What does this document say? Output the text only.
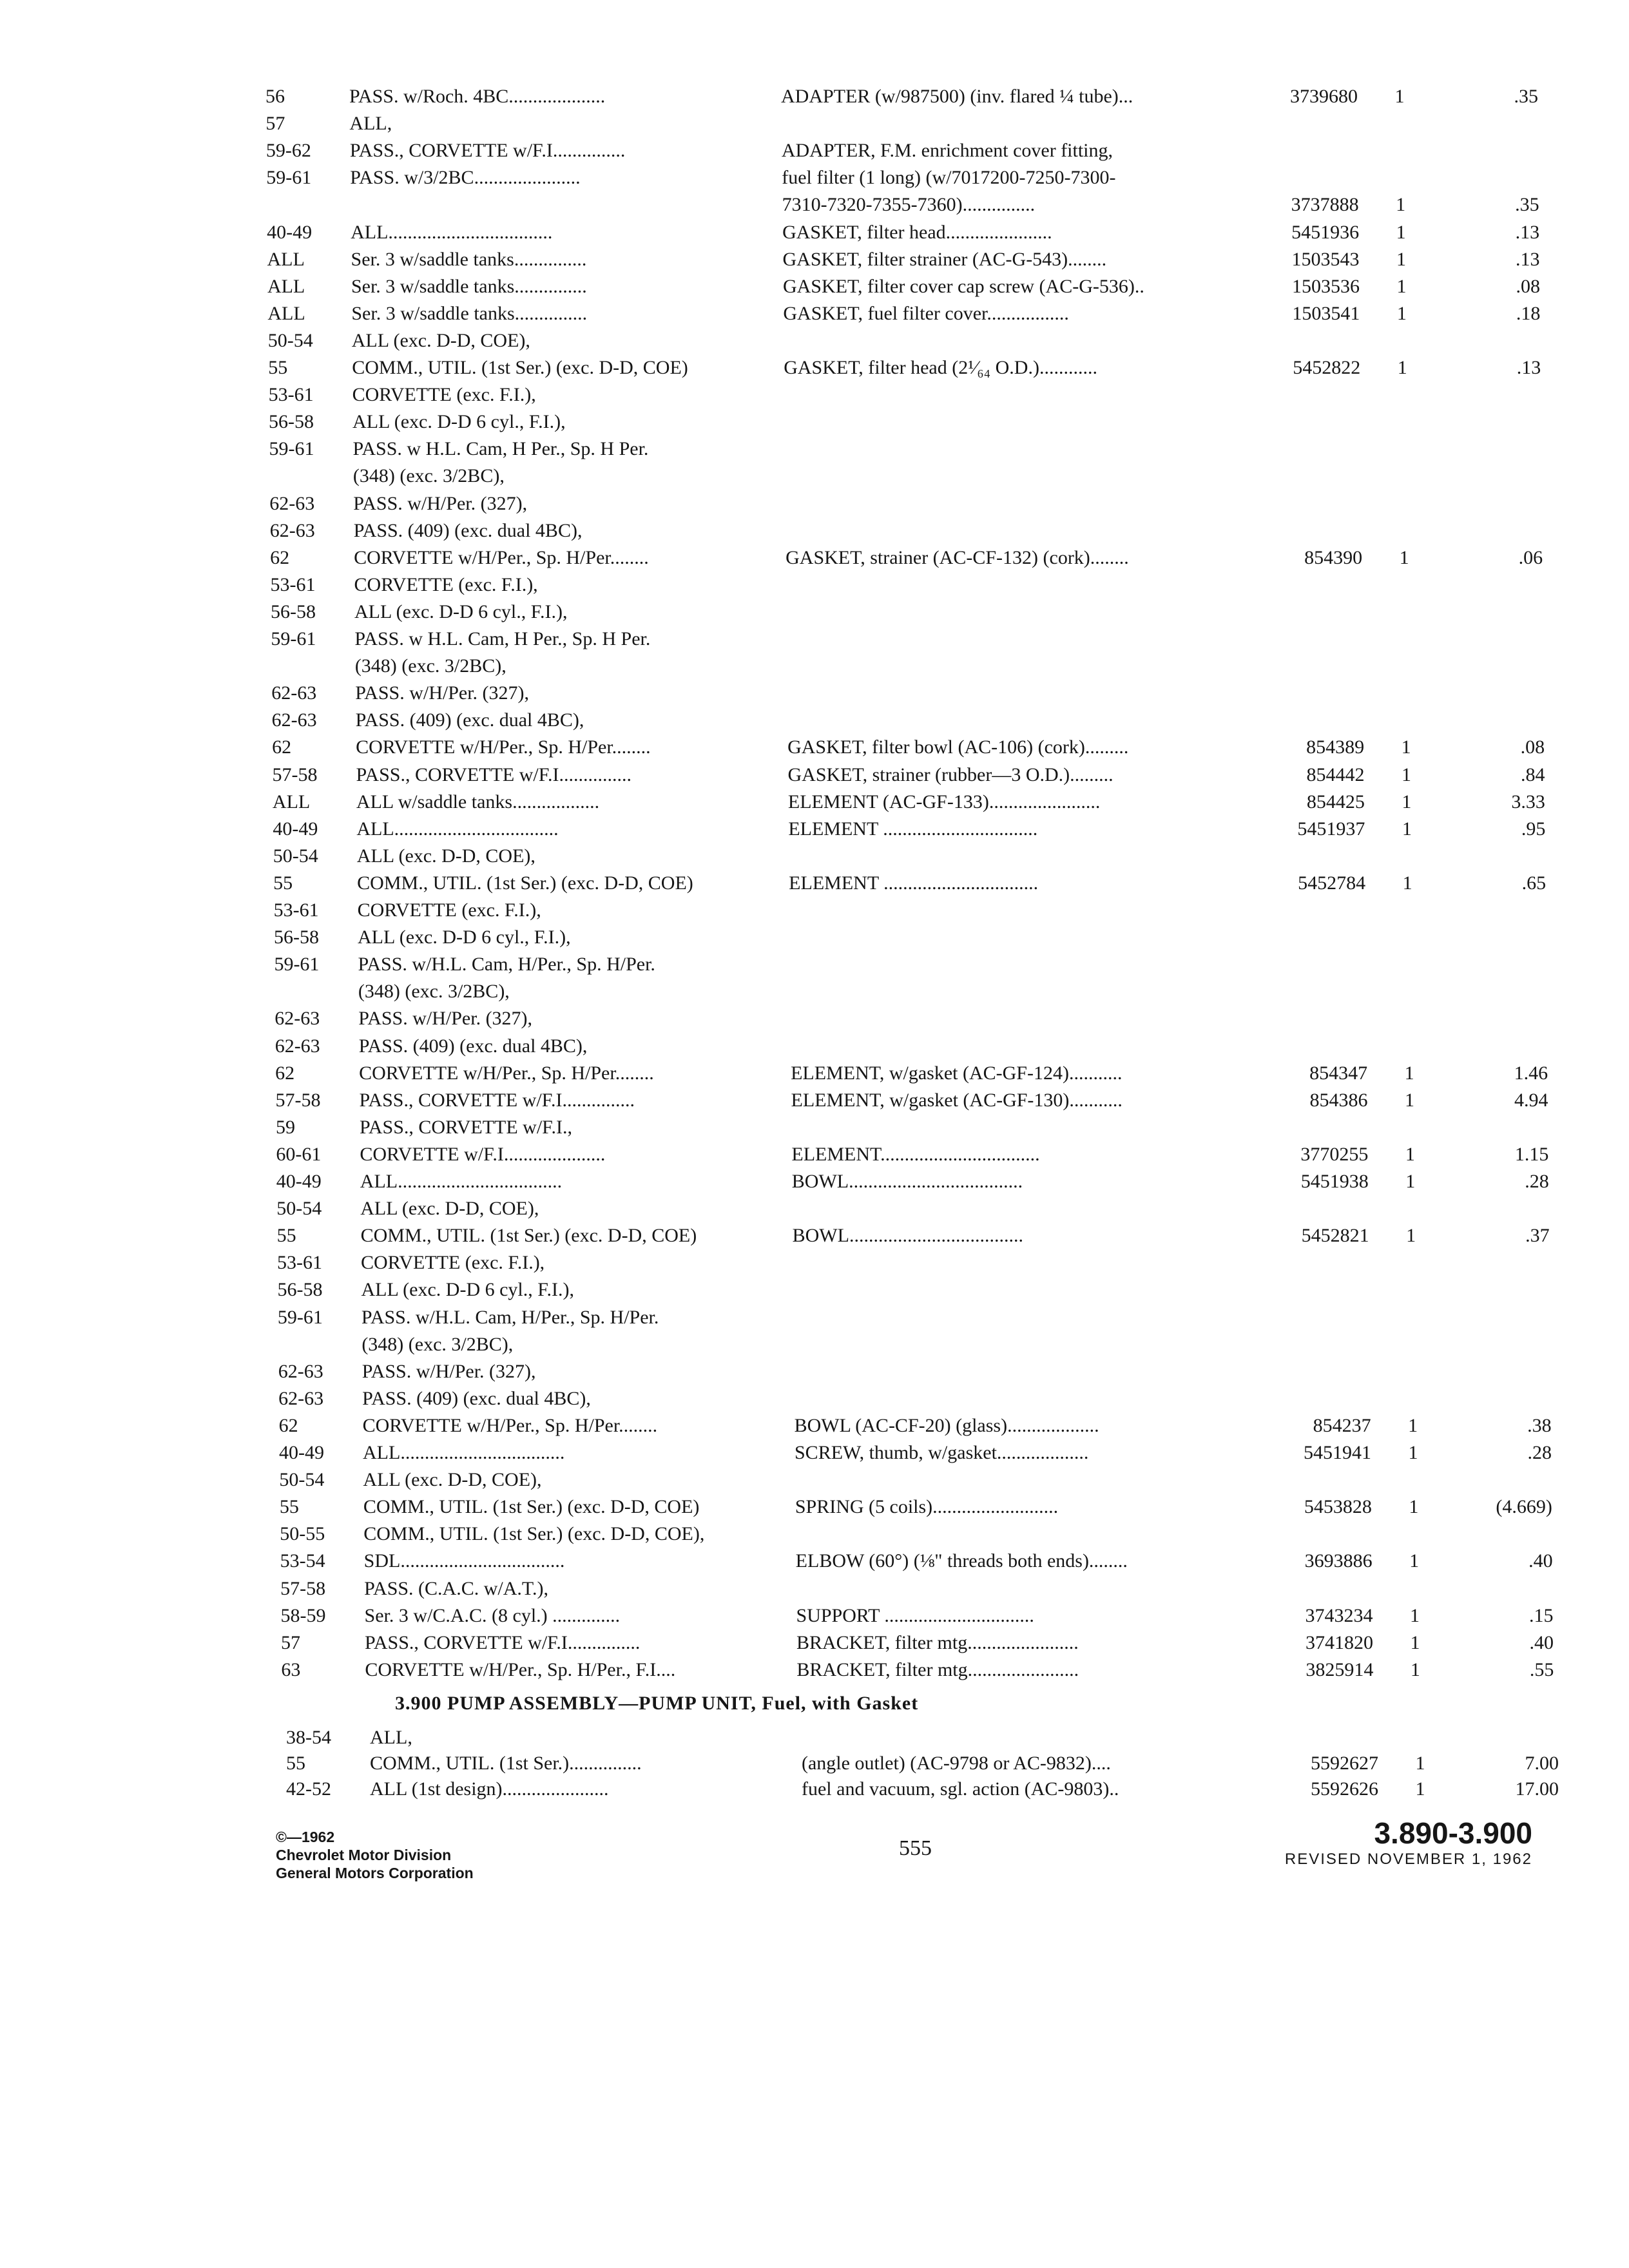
56	PASS. w/Roch. 4BC....................	ADAPTER (w/987500) (inv. flared ¼ tube)...	3739680	1	.35
57	ALL,
59-62	PASS., CORVETTE w/F.I...............	ADAPTER, F.M. enrichment cover fitting,
59-61	PASS. w/3/2BC......................	fuel filter (1 long) (w/7017200-7250-7300-
7310-7320-7355-7360)...............	3737888	1	.35
40-49	ALL..................................	GASKET, filter head......................	5451936	1	.13
ALL	Ser. 3 w/saddle tanks...............	GASKET, filter strainer (AC-G-543)........	1503543	1	.13
ALL	Ser. 3 w/saddle tanks...............	GASKET, filter cover cap screw (AC-G-536)..	1503536	1	.08
ALL	Ser. 3 w/saddle tanks...............	GASKET, fuel filter cover.................	1503541	1	.18
50-54	ALL (exc. D-D, COE),
55	COMM., UTIL. (1st Ser.) (exc. D-D, COE)	GASKET, filter head (2¹⁄₆₄ O.D.)............	5452822	1	.13
53-61	CORVETTE (exc. F.I.),
56-58	ALL (exc. D-D 6 cyl., F.I.),
59-61	PASS. w H.L. Cam, H Per., Sp. H Per.
(348) (exc. 3/2BC),
62-63	PASS. w/H/Per. (327),
62-63	PASS. (409) (exc. dual 4BC),
62	CORVETTE w/H/Per., Sp. H/Per........	GASKET, strainer (AC-CF-132) (cork)........	854390	1	.06
53-61	CORVETTE (exc. F.I.),
56-58	ALL (exc. D-D 6 cyl., F.I.),
59-61	PASS. w H.L. Cam, H Per., Sp. H Per.
(348) (exc. 3/2BC),
62-63	PASS. w/H/Per. (327),
62-63	PASS. (409) (exc. dual 4BC),
62	CORVETTE w/H/Per., Sp. H/Per........	GASKET, filter bowl (AC-106) (cork).........	854389	1	.08
57-58	PASS., CORVETTE w/F.I...............	GASKET, strainer (rubber—3 O.D.).........	854442	1	.84
ALL	ALL w/saddle tanks..................	ELEMENT (AC-GF-133).......................	854425	1	3.33
40-49	ALL..................................	ELEMENT ................................	5451937	1	.95
50-54	ALL (exc. D-D, COE),
55	COMM., UTIL. (1st Ser.) (exc. D-D, COE)	ELEMENT ................................	5452784	1	.65
53-61	CORVETTE (exc. F.I.),
56-58	ALL (exc. D-D 6 cyl., F.I.),
59-61	PASS. w/H.L. Cam, H/Per., Sp. H/Per.
(348) (exc. 3/2BC),
62-63	PASS. w/H/Per. (327),
62-63	PASS. (409) (exc. dual 4BC),
62	CORVETTE w/H/Per., Sp. H/Per........	ELEMENT, w/gasket (AC-GF-124)...........	854347	1	1.46
57-58	PASS., CORVETTE w/F.I...............	ELEMENT, w/gasket (AC-GF-130)...........	854386	1	4.94
59	PASS., CORVETTE w/F.I.,
60-61	CORVETTE w/F.I.....................	ELEMENT.................................	3770255	1	1.15
40-49	ALL..................................	BOWL....................................	5451938	1	.28
50-54	ALL (exc. D-D, COE),
55	COMM., UTIL. (1st Ser.) (exc. D-D, COE)	BOWL....................................	5452821	1	.37
53-61	CORVETTE (exc. F.I.),
56-58	ALL (exc. D-D 6 cyl., F.I.),
59-61	PASS. w/H.L. Cam, H/Per., Sp. H/Per.
(348) (exc. 3/2BC),
62-63	PASS. w/H/Per. (327),
62-63	PASS. (409) (exc. dual 4BC),
62	CORVETTE w/H/Per., Sp. H/Per........	BOWL (AC-CF-20) (glass)...................	854237	1	.38
40-49	ALL..................................	SCREW, thumb, w/gasket...................	5451941	1	.28
50-54	ALL (exc. D-D, COE),
55	COMM., UTIL. (1st Ser.) (exc. D-D, COE)	SPRING (5 coils)..........................	5453828	1	(4.669)
50-55	COMM., UTIL. (1st Ser.) (exc. D-D, COE),
53-54	SDL..................................	ELBOW (60°) (⅛" threads both ends)........	3693886	1	.40
57-58	PASS. (C.A.C. w/A.T.),
58-59	Ser. 3 w/C.A.C. (8 cyl.) ..............	SUPPORT ...............................	3743234	1	.15
57	PASS., CORVETTE w/F.I...............	BRACKET, filter mtg.......................	3741820	1	.40
63	CORVETTE w/H/Per., Sp. H/Per., F.I....	BRACKET, filter mtg.......................	3825914	1	.55
3.900 PUMP ASSEMBLY—PUMP UNIT, Fuel, with Gasket
38-54	ALL,
55	COMM., UTIL. (1st Ser.)...............	(angle outlet) (AC-9798 or AC-9832)....	5592627	1	7.00
42-52	ALL (1st design)......................	fuel and vacuum, sgl. action (AC-9803)..	5592626	1	17.00
©—1962
Chevrolet Motor Division
General Motors Corporation
555	3.890-3.900
REVISED NOVEMBER 1, 1962
